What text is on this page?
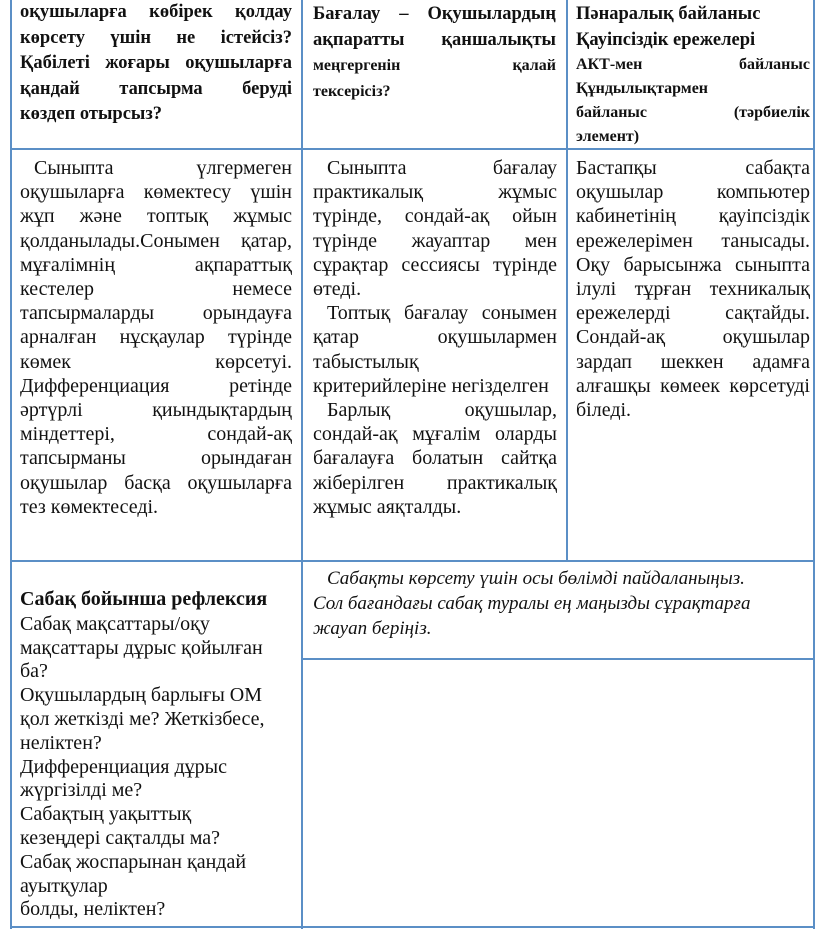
оқушыларға көбірек қолдау

көрсету үшін не істейсіз?

Қабілеті жоғары оқушыларға

қандай тапсырма беруді

көздеп отырсыз?

Бағалау – Оқушылардың

ақпаратты қаншалықты

меңгергенін қалай

тексерісіз?

Пәнаралық байланыс

Қауіпсіздік ережелері

АКТ-мен байланыс

Құндылықтармен

байланыс (тәрбиелік

элемент)

Сыныпта үлгермеген оқушыларға көмектесу үшін жұп және топтық жұмыс қолданылады.Сонымен қатар, мұғалімнің ақпараттық кестелер немесе тапсырмаларды орындауға арналған нұсқаулар түрінде көмек көрсетуі. Дифференциация ретінде әртүрлі қиындықтардың міндеттері, сондай-ақ тапсырманы орындаған оқушылар басқа оқушыларға тез көмектеседі.

Сыныпта бағалау практикалық жұмыс түрінде, сондай-ақ ойын түрінде жауаптар мен сұрақтар сессиясы түрінде өтеді.

Топтық бағалау сонымен қатар оқушылармен табыстылық критерийлеріне негізделген

Барлық оқушылар, сондай-ақ мұғалім оларды бағалауға болатын сайтқа жіберілген практикалық жұмыс аяқталды.

Бастапқы сабақта оқушылар компьютер кабинетінің қауіпсіздік ережелерімен танысады. Оқу барысынжа сыныпта ілулі тұрған техникалық ережелерді сақтайды. Сондай-ақ оқушылар зардап шеккен адамға алғашқы көмеек көрсетуді біледі.

Сабақ бойынша рефлексия

Сабақ мақсаттары/оқу

мақсаттары дұрыс қойылған

ба?

Оқушылардың барлығы ОМ

қол жеткізді ме? Жеткізбесе,

неліктен?

Дифференциация дұрыс

жүргізілді ме?

Сабақтың уақыттық

кезеңдері сақталды ма?

Сабақ жоспарынан қандай

ауытқулар

болды, неліктен?

Сабақты көрсету үшін осы бөлімді пайдаланыңыз.

Сол бағандағы сабақ туралы ең маңызды сұрақтарға

жауап беріңіз.
